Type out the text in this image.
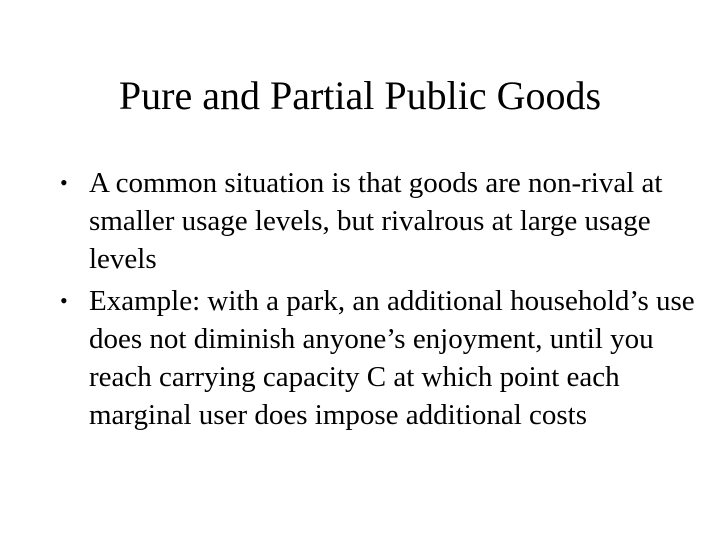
Pure and Partial Public Goods
• A common situation is that goods are non-rival at smaller usage levels, but rivalrous at large usage levels
• Example: with a park, an additional household’s use does not diminish anyone’s enjoyment, until you reach carrying capacity C at which point each marginal user does impose additional costs
